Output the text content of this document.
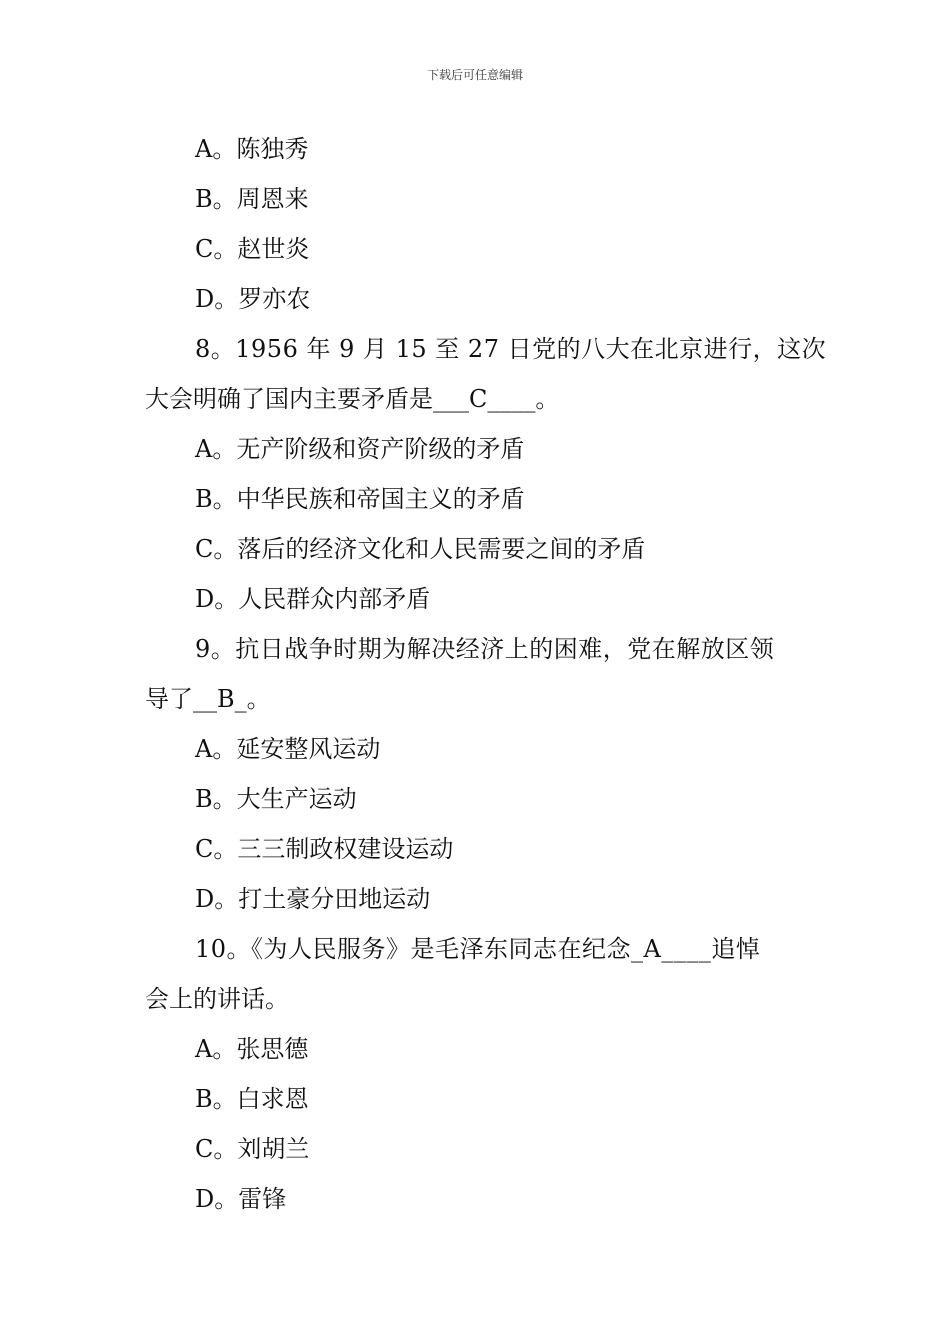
下载后可任意编辑
A。陈独秀
B。周恩来
C。赵世炎
D。罗亦农
8。1956 年 9 月 15 至 27 日党的八大在北京进行，这次
大会明确了国内主要矛盾是___C____。
A。无产阶级和资产阶级的矛盾
B。中华民族和帝国主义的矛盾
C。落后的经济文化和人民需要之间的矛盾
D。人民群众内部矛盾
9。抗日战争时期为解决经济上的困难，党在解放区领
导了__B_。
A。延安整风运动
B。大生产运动
C。三三制政权建设运动
D。打土豪分田地运动
10。《为人民服务》是毛泽东同志在纪念_A____追悼
会上的讲话。
A。张思德
B。白求恩
C。刘胡兰
D。雷锋
